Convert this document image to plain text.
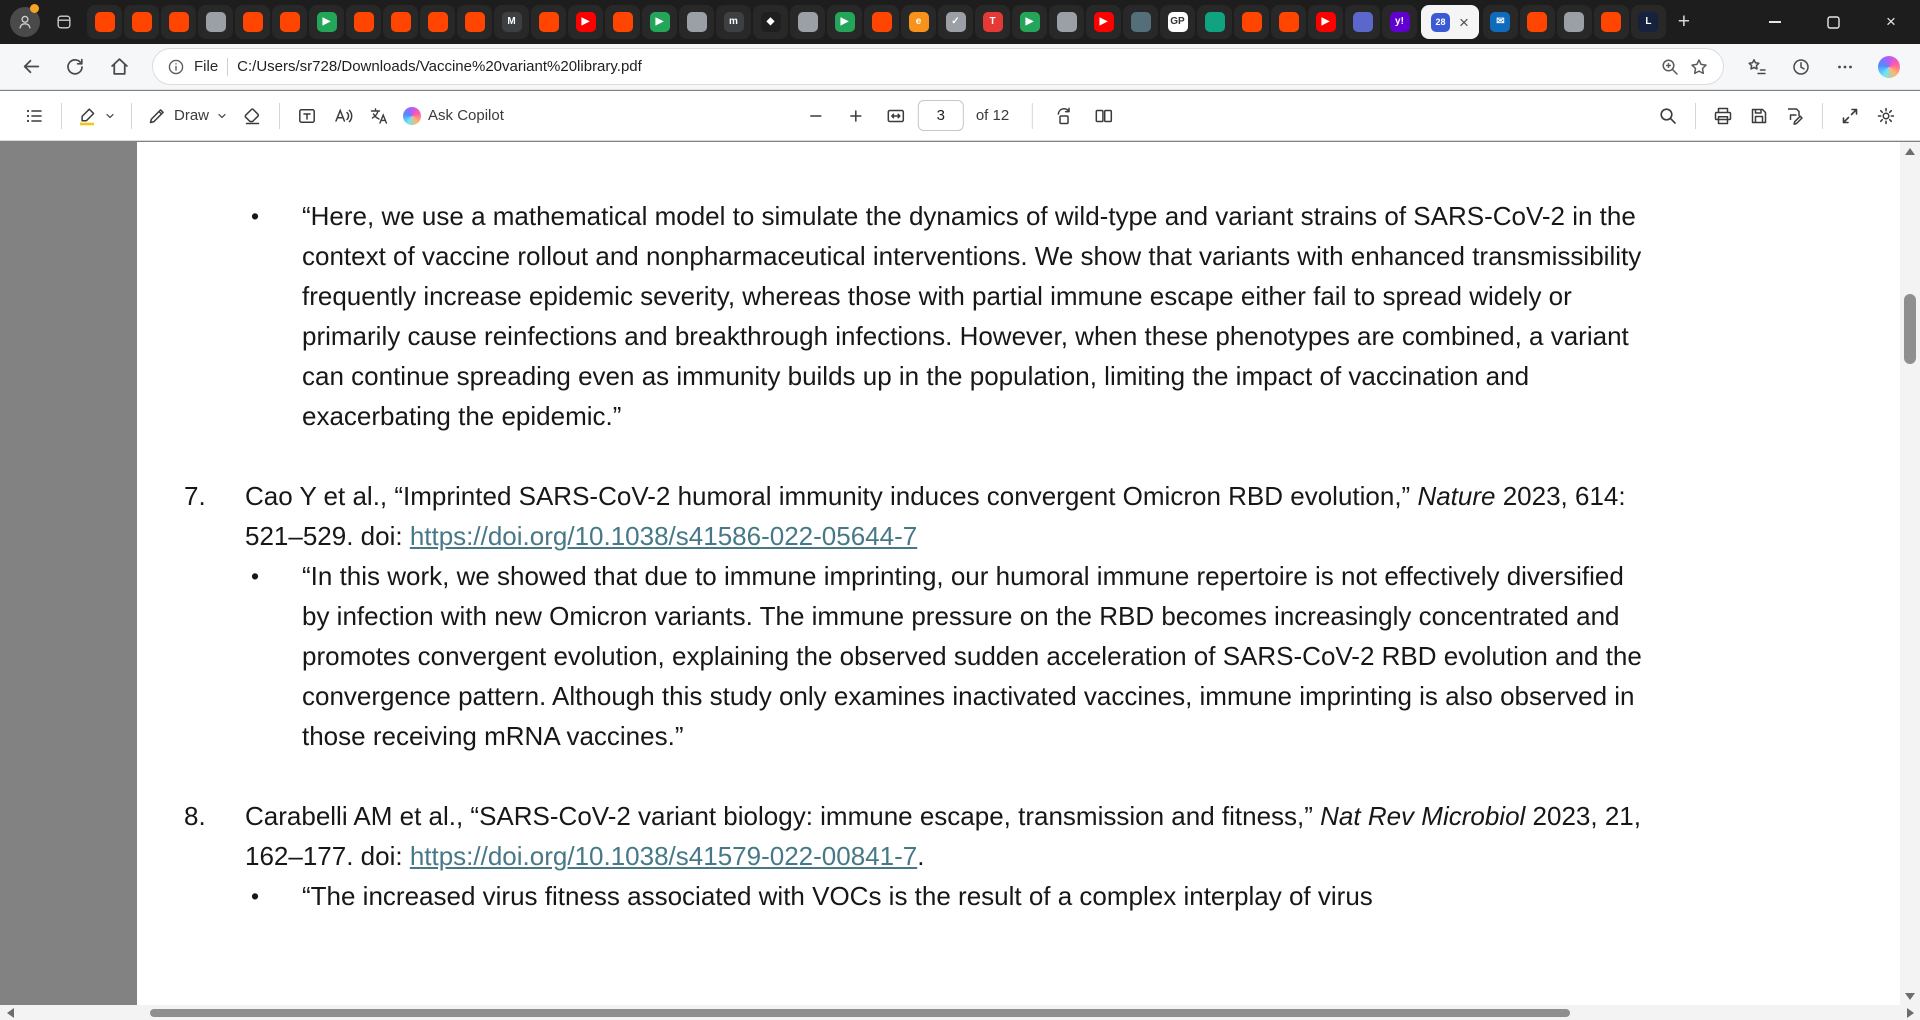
▶	M	▶	▶	m	◆	▶	e	✓	T	▶	▶	GP	▶	y!	28 ×	✉	L	+	×
File C:/Users/sr728/Downloads/Vaccine%20variant%20library.pdf
Draw	Ask Copilot
3	of 12
•	“Here, we use a mathematical model to simulate the dynamics of wild-type and variant strains of SARS-CoV-2 in the context of vaccine rollout and nonpharmaceutical interventions. We show that variants with enhanced transmissibility frequently increase epidemic severity, whereas those with partial immune escape either fail to spread widely or primarily cause reinfections and breakthrough infections. However, when these phenotypes are combined, a variant can continue spreading even as immunity builds up in the population, limiting the impact of vaccination and exacerbating the epidemic.”
7.	Cao Y et al., “Imprinted SARS-CoV-2 humoral immunity induces convergent Omicron RBD evolution,” Nature 2023, 614: 521–529. doi: https://doi.org/10.1038/s41586-022-05644-7
•	“In this work, we showed that due to immune imprinting, our humoral immune repertoire is not effectively diversified by infection with new Omicron variants. The immune pressure on the RBD becomes increasingly concentrated and promotes convergent evolution, explaining the observed sudden acceleration of SARS-CoV-2 RBD evolution and the convergence pattern. Although this study only examines inactivated vaccines, immune imprinting is also observed in those receiving mRNA vaccines.”
8.	Carabelli AM et al., “SARS-CoV-2 variant biology: immune escape, transmission and fitness,” Nat Rev Microbiol 2023, 21, 162–177. doi: https://doi.org/10.1038/s41579-022-00841-7.
•	“The increased virus fitness associated with VOCs is the result of a complex interplay of virus
